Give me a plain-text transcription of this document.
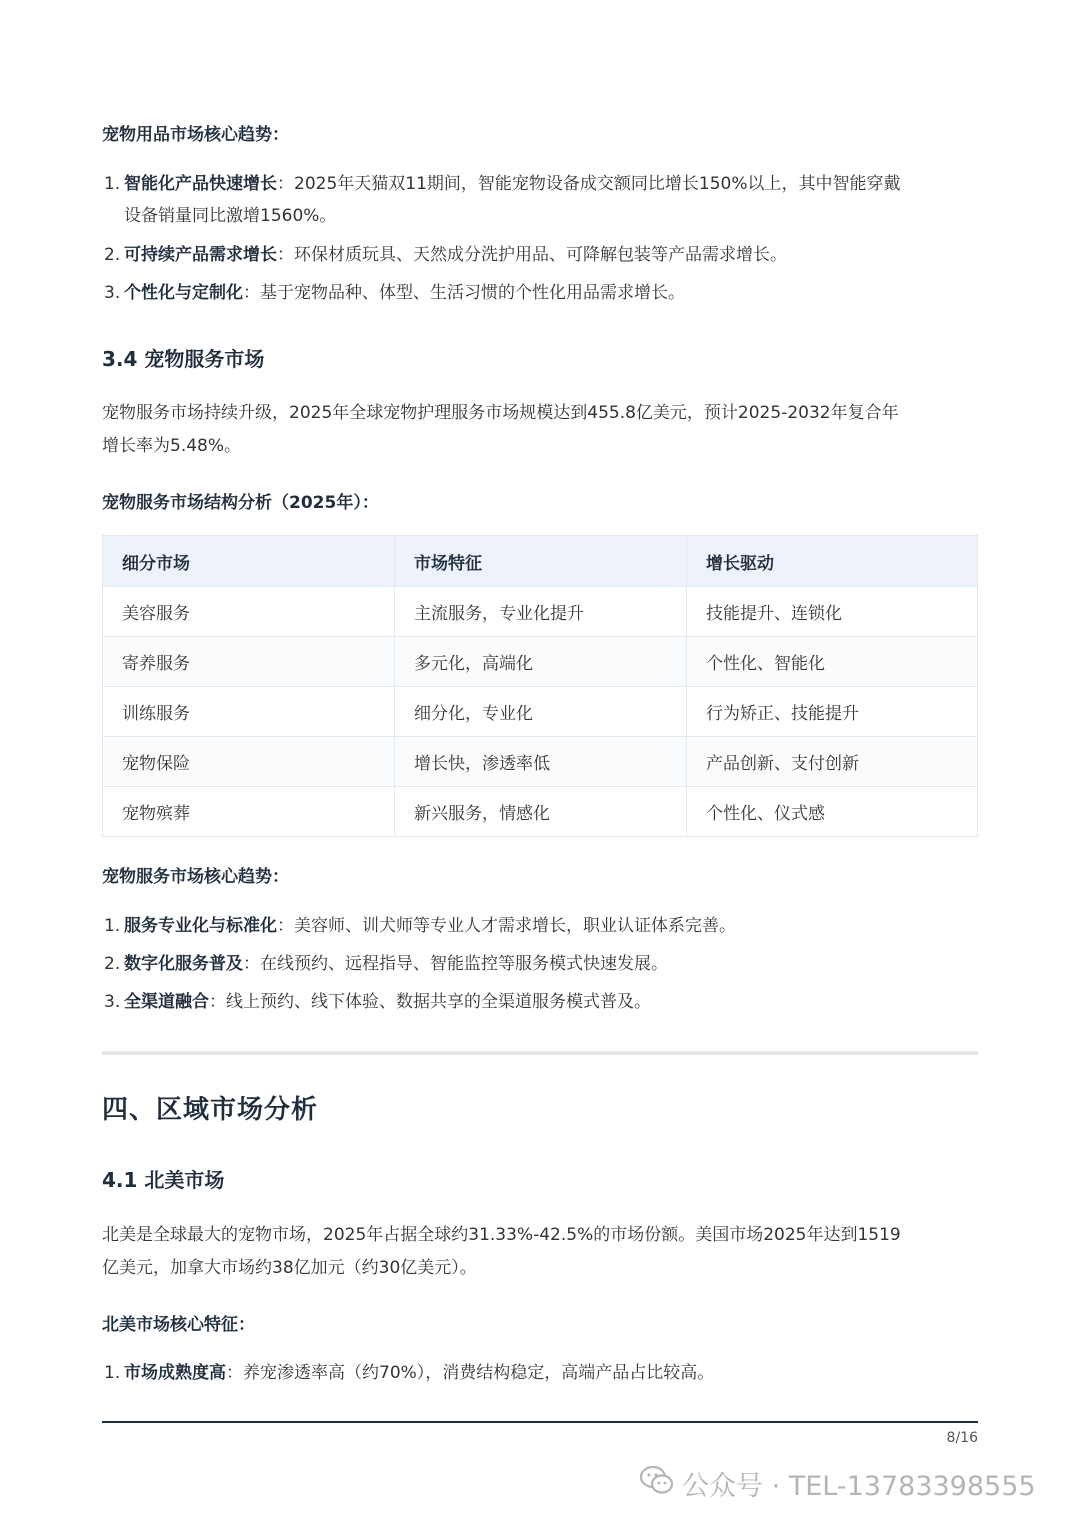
宠物用品市场核心趋势：
1. 智能化产品快速增长：2025年天猫双11期间，智能宠物设备成交额同比增长150%以上，其中智能穿戴
设备销量同比激增1560%。
2. 可持续产品需求增长：环保材质玩具、天然成分洗护用品、可降解包装等产品需求增长。
3. 个性化与定制化：基于宠物品种、体型、生活习惯的个性化用品需求增长。
3.4 宠物服务市场
宠物服务市场持续升级，2025年全球宠物护理服务市场规模达到455.8亿美元，预计2025-2032年复合年
增长率为5.48%。
宠物服务市场结构分析（2025年）：
细分市场	市场特征	增长驱动
美容服务	主流服务，专业化提升	技能提升、连锁化
寄养服务	多元化，高端化	个性化、智能化
训练服务	细分化，专业化	行为矫正、技能提升
宠物保险	增长快，渗透率低	产品创新、支付创新
宠物殡葬	新兴服务，情感化	个性化、仪式感
宠物服务市场核心趋势：
1. 服务专业化与标准化：美容师、训犬师等专业人才需求增长，职业认证体系完善。
2. 数字化服务普及：在线预约、远程指导、智能监控等服务模式快速发展。
3. 全渠道融合：线上预约、线下体验、数据共享的全渠道服务模式普及。
四、区域市场分析
4.1 北美市场
北美是全球最大的宠物市场，2025年占据全球约31.33%-42.5%的市场份额。美国市场2025年达到1519
亿美元，加拿大市场约38亿加元（约30亿美元）。
北美市场核心特征：
1. 市场成熟度高：养宠渗透率高（约70%），消费结构稳定，高端产品占比较高。
8/16
公众号 · TEL-13783398555
